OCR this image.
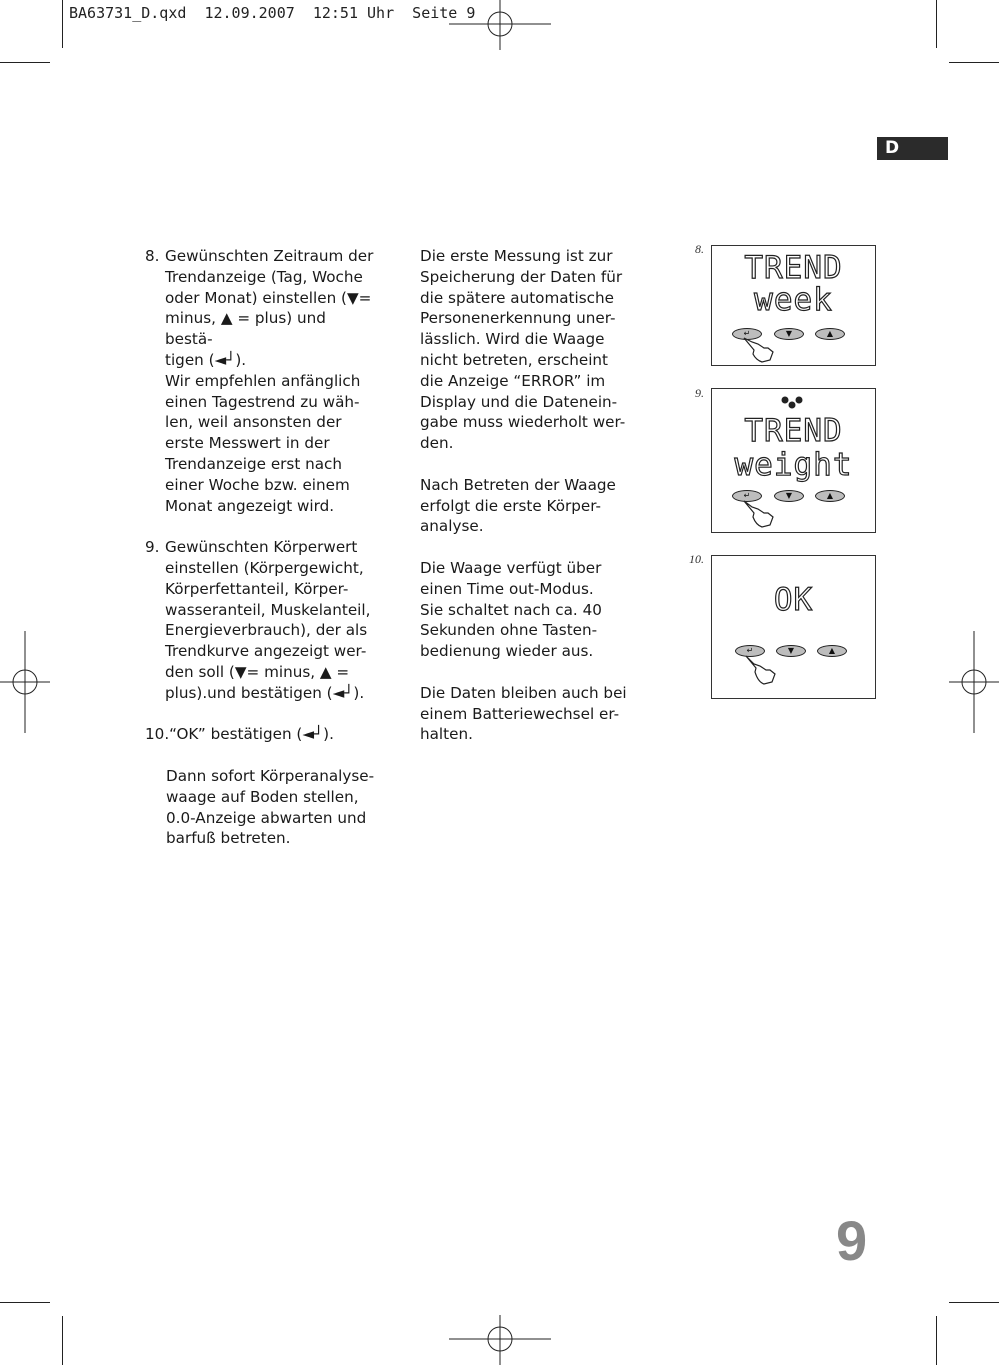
BA63731_D.qxd  12.09.2007  12:51 Uhr  Seite 9
D
8. Gewünschten Zeitraum der
Trendanzeige (Tag, Woche
oder Monat) einstellen (▼=
minus, ▲ = plus) und bestä-
tigen (◄┘).
Wir empfehlen anfänglich
einen Tagestrend zu wäh-
len, weil ansonsten der
erste Messwert in der
Trendanzeige erst nach
einer Woche bzw. einem
Monat angezeigt wird.
9. Gewünschten Körperwert
einstellen (Körpergewicht,
Körperfettanteil, Körper-
wasseranteil, Muskelanteil,
Energieverbrauch), der als
Trendkurve angezeigt wer-
den soll (▼= minus, ▲ =
plus).und bestätigen (◄┘).
10.“OK” bestätigen (◄┘).
Dann sofort Körperanalyse-
waage auf Boden stellen,
0.0-Anzeige abwarten und
barfuß betreten.
Die erste Messung ist zur
Speicherung der Daten für
die spätere automatische
Personenerkennung uner-
lässlich. Wird die Waage
nicht betreten, erscheint
die Anzeige “ERROR” im
Display und die Datenein-
gabe muss wiederholt wer-
den.
Nach Betreten der Waage
erfolgt die erste Körper-
analyse.
Die Waage verfügt über
einen Time out-Modus.
Sie schaltet nach ca. 40
Sekunden ohne Tasten-
bedienung wieder aus.
Die Daten bleiben auch bei
einem Batteriewechsel er-
halten.
8.
TREND
week
↵	▼	▲
9.
TREND
weight
↵	▼	▲
10.
OK
↵	▼	▲
9
